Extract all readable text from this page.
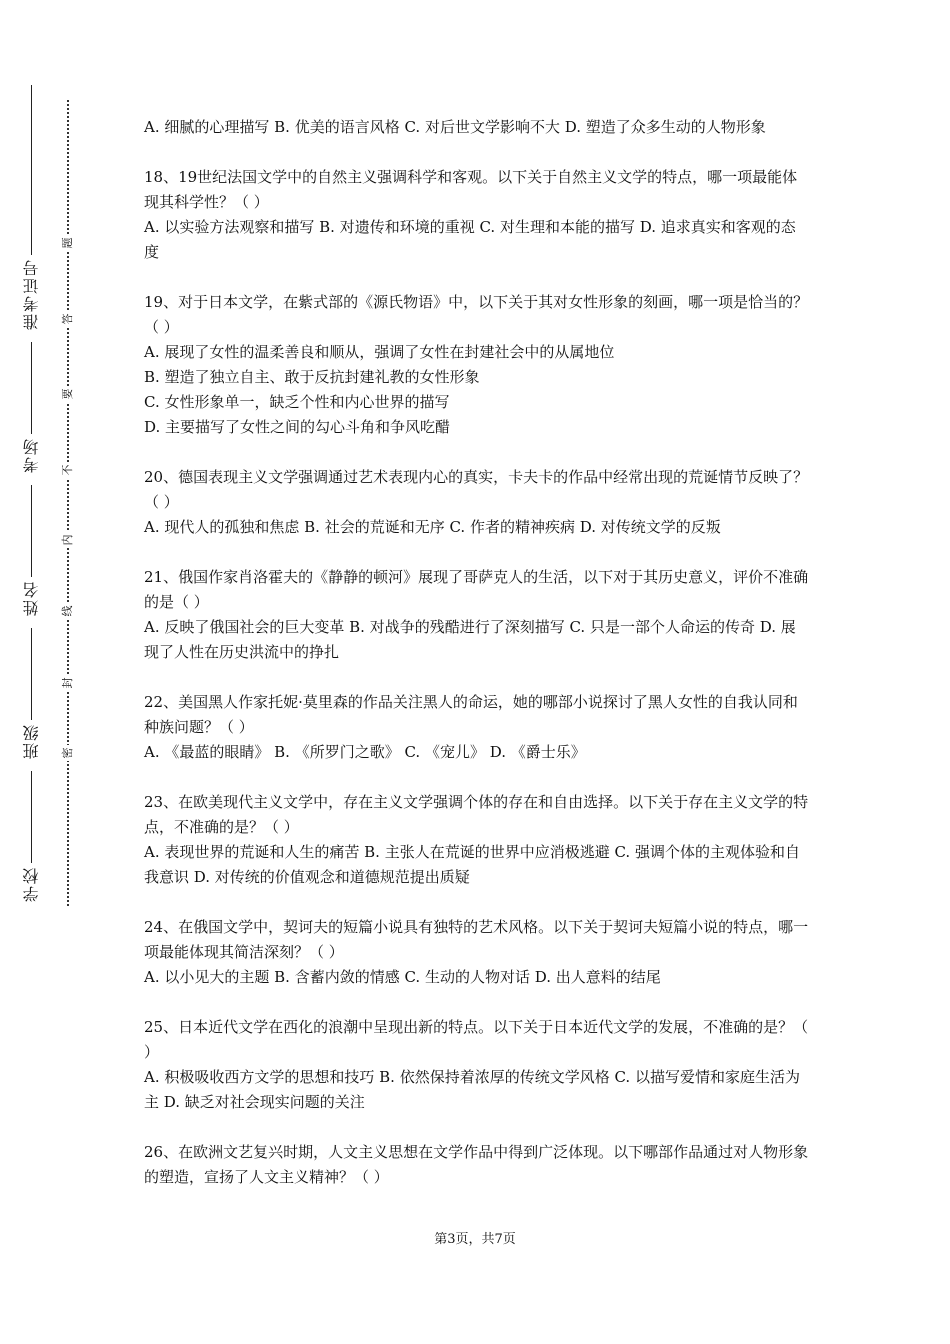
准考证号
考场
姓名
班级
学校
题
答
要
不
内
线
封
密

A. 细腻的心理描写 B. 优美的语言风格 C. 对后世文学影响不大 D. 塑造了众多生动的人物形象

18、19世纪法国文学中的自然主义强调科学和客观。以下关于自然主义文学的特点，哪一项最能体现其科学性？（ ）

A. 以实验方法观察和描写 B. 对遗传和环境的重视 C. 对生理和本能的描写 D. 追求真实和客观的态度

19、对于日本文学，在紫式部的《源氏物语》中，以下关于其对女性形象的刻画，哪一项是恰当的？（ ）

A. 展现了女性的温柔善良和顺从，强调了女性在封建社会中的从属地位

B. 塑造了独立自主、敢于反抗封建礼教的女性形象

C. 女性形象单一，缺乏个性和内心世界的描写

D. 主要描写了女性之间的勾心斗角和争风吃醋

20、德国表现主义文学强调通过艺术表现内心的真实，卡夫卡的作品中经常出现的荒诞情节反映了？（ ）

A. 现代人的孤独和焦虑 B. 社会的荒诞和无序 C. 作者的精神疾病 D. 对传统文学的反叛

21、俄国作家肖洛霍夫的《静静的顿河》展现了哥萨克人的生活，以下对于其历史意义，评价不准确的是（ ）

A. 反映了俄国社会的巨大变革 B. 对战争的残酷进行了深刻描写 C. 只是一部个人命运的传奇 D. 展现了人性在历史洪流中的挣扎

22、美国黑人作家托妮·莫里森的作品关注黑人的命运，她的哪部小说探讨了黑人女性的自我认同和种族问题？（ ）

A. 《最蓝的眼睛》 B. 《所罗门之歌》 C. 《宠儿》 D. 《爵士乐》

23、在欧美现代主义文学中，存在主义文学强调个体的存在和自由选择。以下关于存在主义文学的特点，不准确的是？（ ）

A. 表现世界的荒诞和人生的痛苦 B. 主张人在荒诞的世界中应消极逃避 C. 强调个体的主观体验和自我意识 D. 对传统的价值观念和道德规范提出质疑

24、在俄国文学中，契诃夫的短篇小说具有独特的艺术风格。以下关于契诃夫短篇小说的特点，哪一项最能体现其简洁深刻？（ ）

A. 以小见大的主题 B. 含蓄内敛的情感 C. 生动的人物对话 D. 出人意料的结尾

25、日本近代文学在西化的浪潮中呈现出新的特点。以下关于日本近代文学的发展，不准确的是？（ ）

A. 积极吸收西方文学的思想和技巧 B. 依然保持着浓厚的传统文学风格 C. 以描写爱情和家庭生活为主 D. 缺乏对社会现实问题的关注

26、在欧洲文艺复兴时期，人文主义思想在文学作品中得到广泛体现。以下哪部作品通过对人物形象的塑造，宣扬了人文主义精神？（ ）

第3页，共7页
